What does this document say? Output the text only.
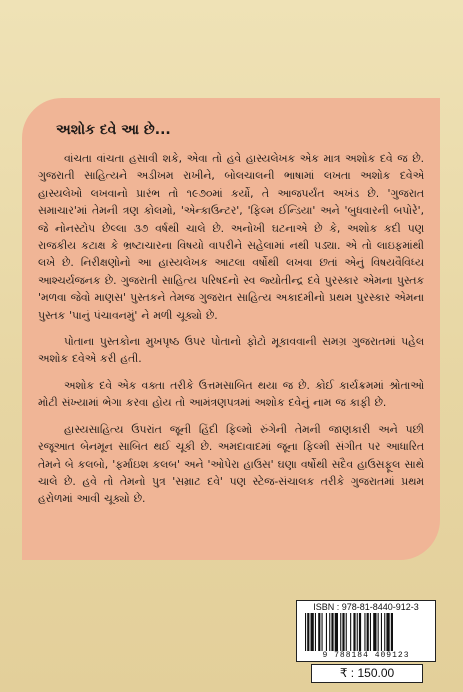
અશોક દવે આ છે...

વાંચતા વાંચતા હસાવી શકે, એવા તો હવે હાસ્યલેખક એક માત્ર અશોક દવે જ છે. ગુજરાતી સાહિત્યને અડીખમ રાખીને, બોલચાલની ભાષામાં લખતા અશોક દવેએ હાસ્યલેખો લખવાનો પ્રારંભ તો ૧૯૭૦માં કર્યો, તે આજપર્યંત અખંડ છે. 'ગુજરાત સમાચાર'માં તેમની ત્રણ કોલમો, 'એન્કાઉન્ટર', 'ફિલ્મ ઈન્ડિયા' અને 'બુધવારની બપોરે', જે નોનસ્ટોપ છેલ્લા ૩૭ વર્ષથી ચાલે છે. અનોખી ઘટનાએ છે કે, અશોક કદી પણ રાજકીય કટાક્ષ કે ભ્રષ્ટાચારના વિષયો વાપરીને સહેલામાં નથી પડ્યા. એ તો લાઇફમાંથી લખે છે. નિરીક્ષણોનો આ હાસ્યલેખક આટલા વર્ષોથી લખવા છતાં એનું વિષયવૈવિધ્ય આશ્ચર્યજનક છે. ગુજરાતી સાહિત્ય પરિષદનો સ્વ જ્યોતીન્દ્ર દવે પુરસ્કાર એમના પુસ્તક 'મળવા જેવો માણસ' પુસ્તકને તેમજ ગુજરાત સાહિત્ય અકાદમીનો પ્રથમ પુરસ્કાર એમના પુસ્તક 'પાનું પંચાવનમું' ને મળી ચૂક્યો છે.

પોતાના પુસ્તકોના મુખપૃષ્ઠ ઉપર પોતાનો ફોટો મૂકાવવાની સમગ્ર ગુજરાતમાં પહેલ અશોક દવેએ કરી હતી.

અશોક દવે એક વક્તા તરીકે ઉત્તમસાબિત થયા જ છે. કોઈ કાર્યક્રમમાં શ્રોતાઓ મોટી સંખ્યામાં ભેગા કરવા હોય તો આમંત્રણપત્રમાં અશોક દવેનું નામ જ કાફી છે.

હાસ્યસાહિત્ય ઉપરાંત જૂની હિંદી ફિલ્મો રુંગેની તેમની જાણકારી અને પછી રજૂઆત બેનમૂન સાબિત થઈ ચૂકી છે. અમદાવાદમાં જૂના ફિલ્મી સંગીત પર આધારિત તેમને બે કલબો, 'ફર્માઇશ કલબ' અને 'ઓપેરા હાઉસ' ઘણા વર્ષોથી સદૈવ હાઉસફૂલ સાથે ચાલે છે. હવે તો તેમનો પુત્ર 'સમ્રાટ દવે' પણ સ્ટેજ-સંચાલક તરીકે ગુજરાતમાં પ્રથમ હરોળમાં આવી ચૂક્યો છે.

ISBN : 978-81-8440-912-3
9 788184 409123
₹ : 150.00
